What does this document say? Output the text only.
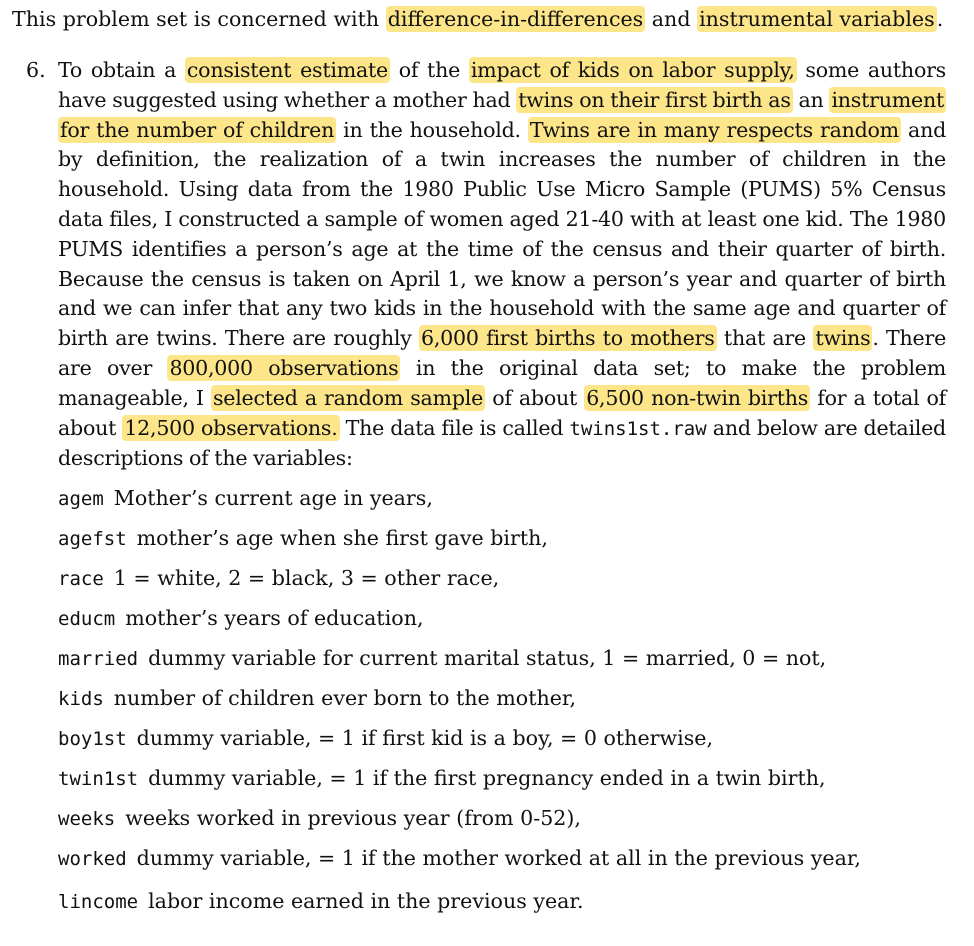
This problem set is concerned with difference-in-differences and instrumental variables.
6. To obtain a consistent estimate of the impact of kids on labor supply, some authors have suggested using whether a mother had twins on their first birth as an instrument for the number of children in the household. Twins are in many respects random and by definition, the realization of a twin increases the number of children in the household. Using data from the 1980 Public Use Micro Sample (PUMS) 5% Census data files, I constructed a sample of women aged 21-40 with at least one kid. The 1980 PUMS identifies a person’s age at the time of the census and their quarter of birth. Because the census is taken on April 1, we know a person’s year and quarter of birth and we can infer that any two kids in the household with the same age and quarter of birth are twins. There are roughly 6,000 first births to mothers that are twins. There are over 800,000 observations in the original data set; to make the problem manageable, I selected a random sample of about 6,500 non-twin births for a total of about 12,500 observations. The data file is called twins1st.raw and below are detailed descriptions of the variables:
agem Mother’s current age in years,
agefst mother’s age when she first gave birth,
race 1 = white, 2 = black, 3 = other race,
educm mother’s years of education,
married dummy variable for current marital status, 1 = married, 0 = not,
kids number of children ever born to the mother,
boy1st dummy variable, = 1 if first kid is a boy, = 0 otherwise,
twin1st dummy variable, = 1 if the first pregnancy ended in a twin birth,
weeks weeks worked in previous year (from 0-52),
worked dummy variable, = 1 if the mother worked at all in the previous year,
lincome labor income earned in the previous year.
